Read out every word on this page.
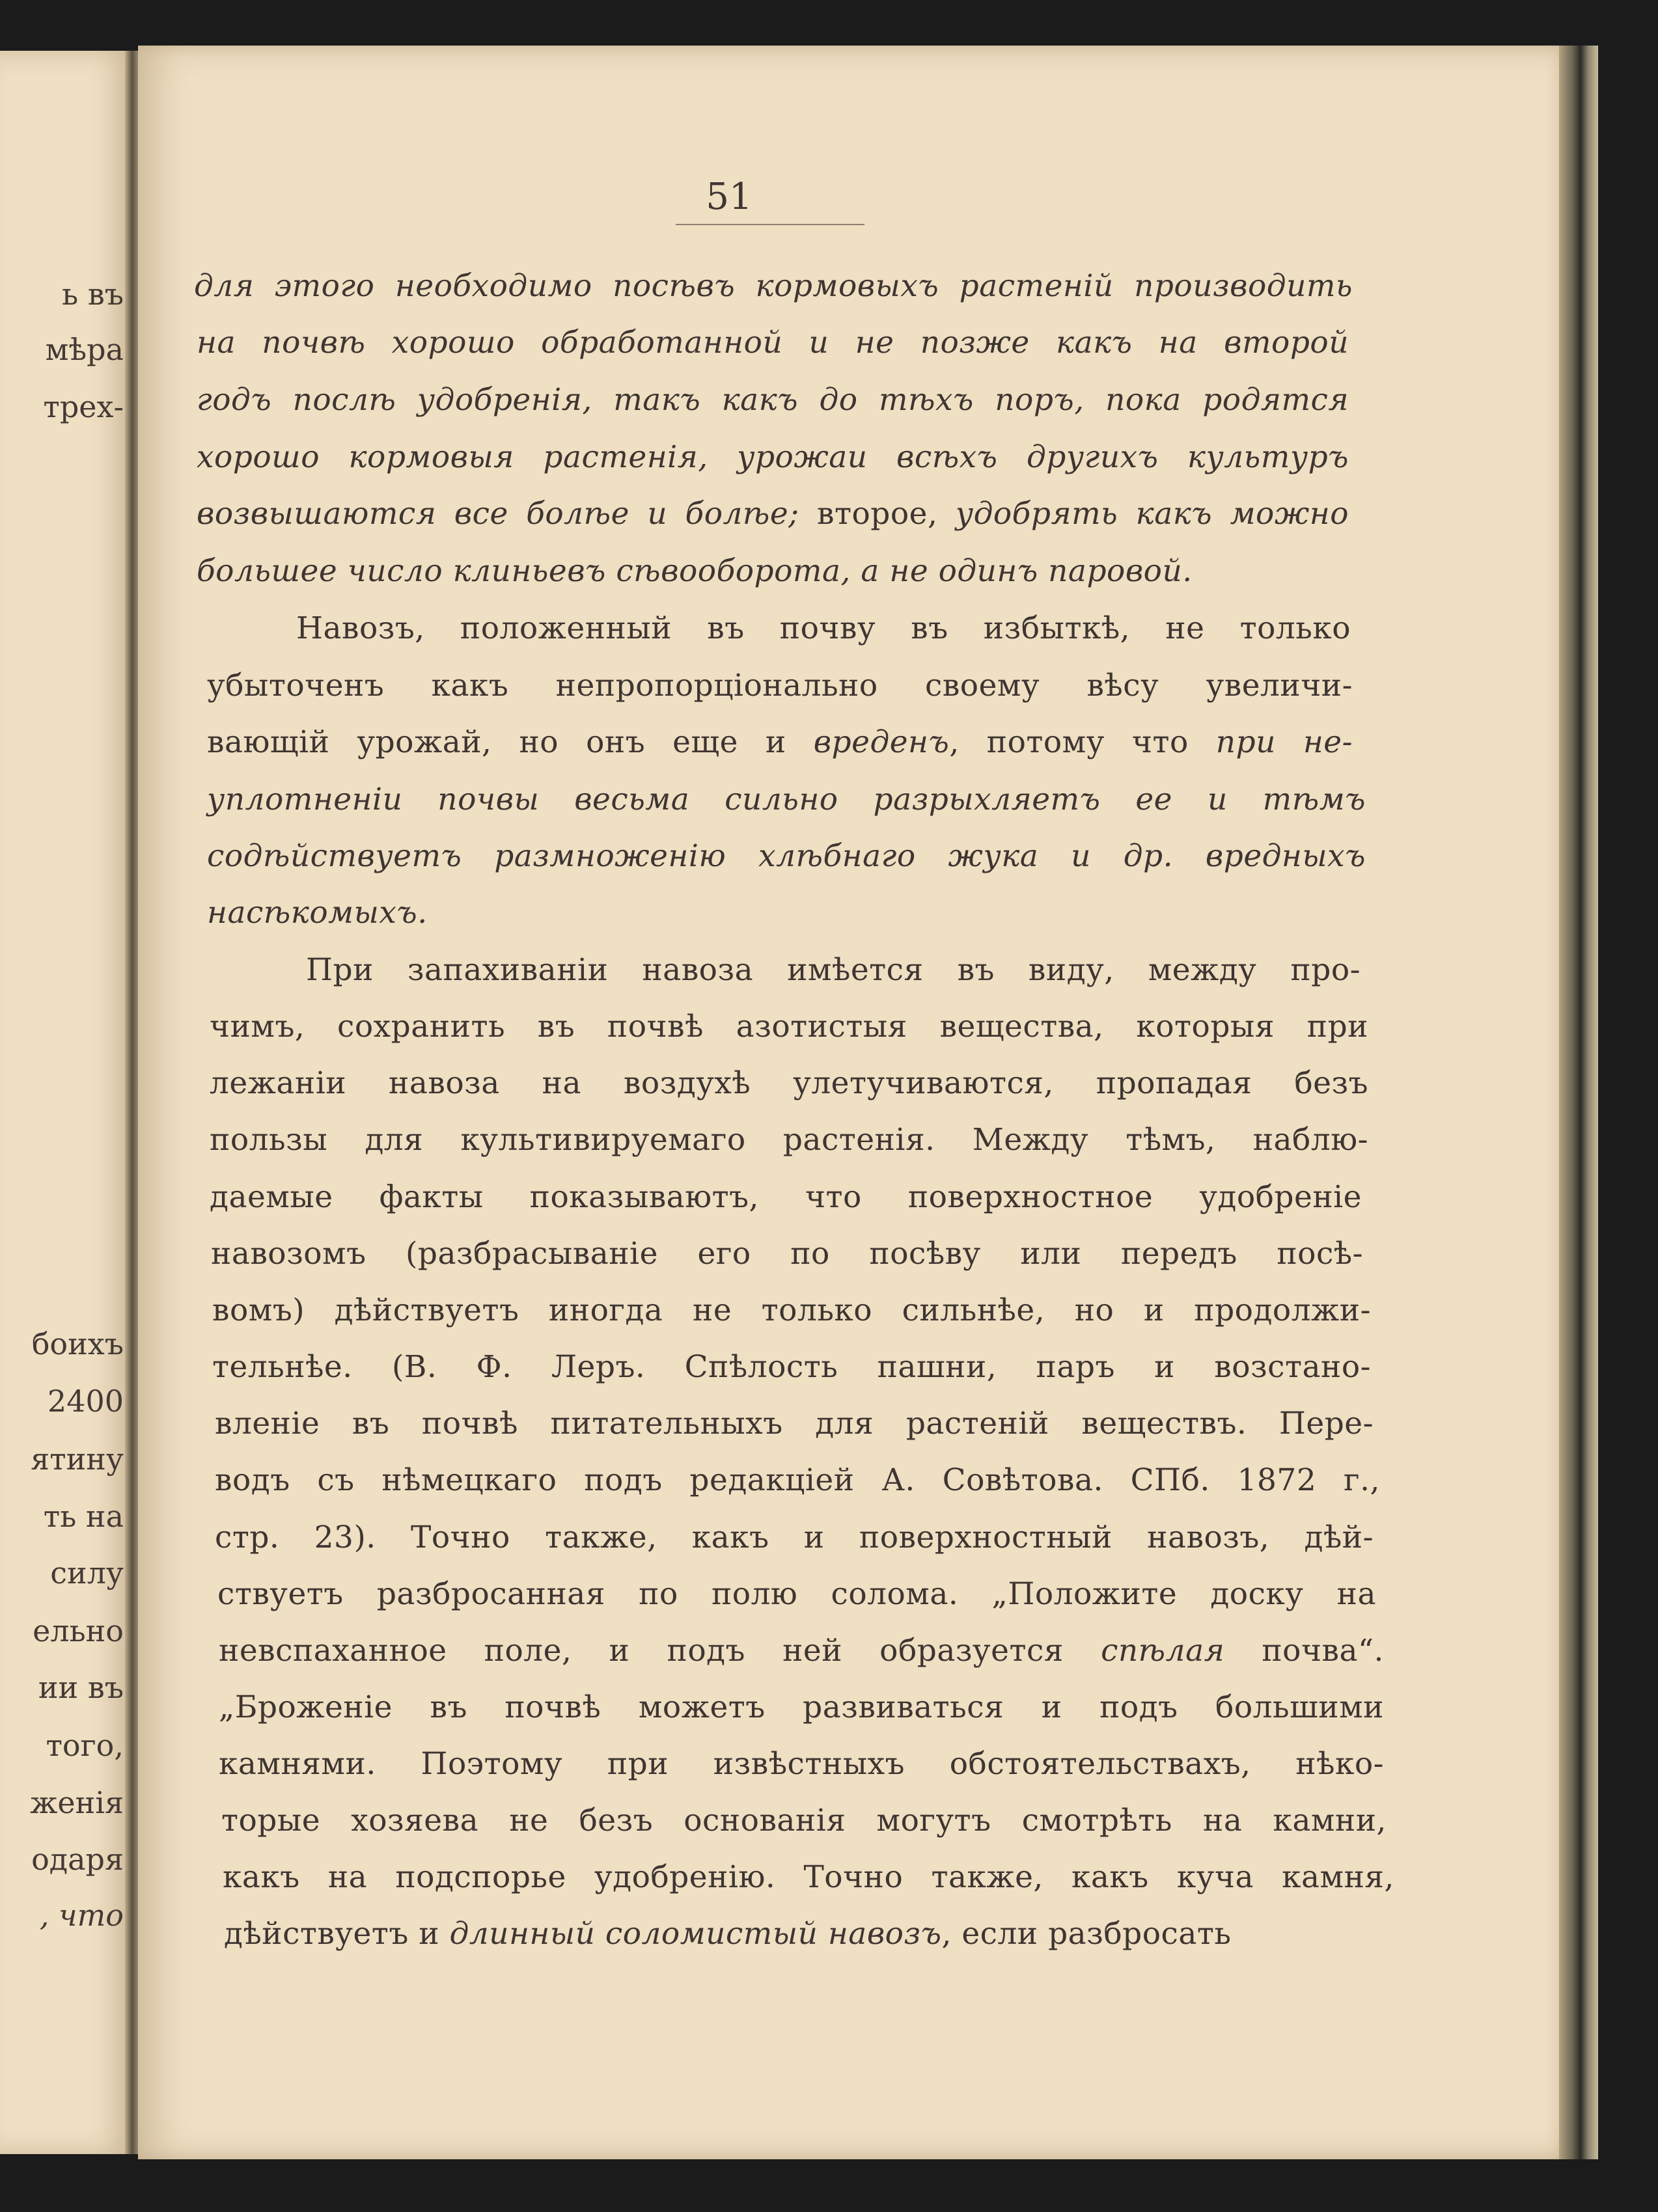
ь въ
мѣра
трех-
боихъ
2400
ятину
ть на
силу
ельно
ии въ
того,
женія
одаря
, что
51
для этого необходимо посѣвъ кормовыхъ растеній производить
на почвѣ хорошо обработанной и не позже какъ на второй
годъ послѣ удобренія, такъ какъ до тѣхъ поръ, пока родятся
хорошо кормовыя растенія, урожаи всѣхъ другихъ культуръ
возвышаются все болѣе и болѣе; второе, удобрять какъ можно
большее число клиньевъ сѣвооборота, а не одинъ паровой.
Навозъ, положенный въ почву въ избыткѣ, не только
убыточенъ какъ непропорціонально своему вѣсу увеличи-
вающій урожай, но онъ еще и вреденъ, потому что при не-
уплотненіи почвы весьма сильно разрыхляетъ ее и тѣмъ
содѣйствуетъ размноженію хлѣбнаго жука и др. вредныхъ
насѣкомыхъ.
При запахиваніи навоза имѣется въ виду, между про-
чимъ, сохранить въ почвѣ азотистыя вещества, которыя при
лежаніи навоза на воздухѣ улетучиваются, пропадая безъ
пользы для культивируемаго растенія. Между тѣмъ, наблю-
даемые факты показываютъ, что поверхностное удобреніе
навозомъ (разбрасываніе его по посѣву или передъ посѣ-
вомъ) дѣйствуетъ иногда не только сильнѣе, но и продолжи-
тельнѣе. (В. Ф. Леръ. Спѣлость пашни, паръ и возстано-
вленіе въ почвѣ питательныхъ для растеній веществъ. Пере-
водъ съ нѣмецкаго подъ редакціей А. Совѣтова. СПб. 1872 г.,
стр. 23). Точно также, какъ и поверхностный навозъ, дѣй-
ствуетъ разбросанная по полю солома. „Положите доску на
невспаханное поле, и подъ ней образуется спѣлая почва“.
„Броженіе въ почвѣ можетъ развиваться и подъ большими
камнями. Поэтому при извѣстныхъ обстоятельствахъ, нѣко-
торые хозяева не безъ основанія могутъ смотрѣть на камни,
какъ на подспорье удобренію. Точно также, какъ куча камня,
дѣйствуетъ и длинный соломистый навозъ, если разбросать
